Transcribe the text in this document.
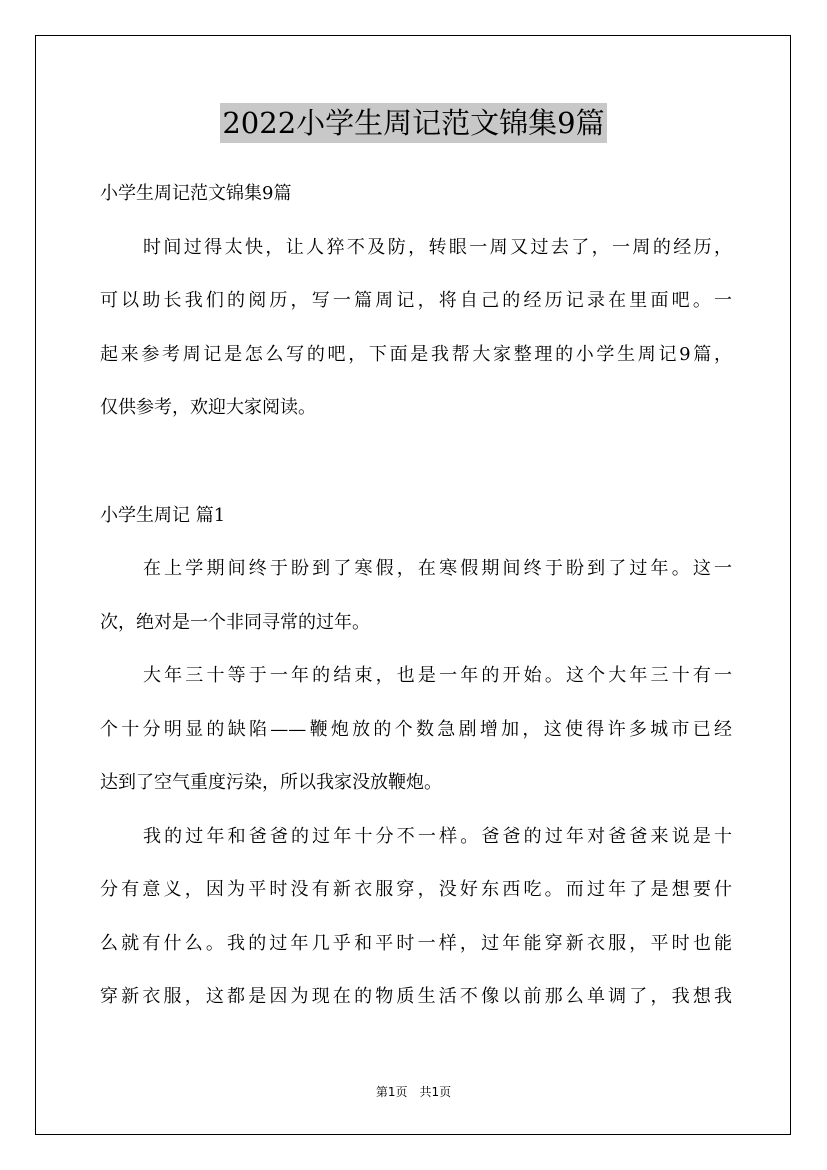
2022小学生周记范文锦集9篇
小学生周记范文锦集9篇
时间过得太快，让人猝不及防，转眼一周又过去了，一周的经历，
可以助长我们的阅历，写一篇周记，将自己的经历记录在里面吧。一
起来参考周记是怎么写的吧，下面是我帮大家整理的小学生周记9篇，
仅供参考，欢迎大家阅读。
小学生周记 篇1
在上学期间终于盼到了寒假，在寒假期间终于盼到了过年。这一
次，绝对是一个非同寻常的过年。
大年三十等于一年的结束，也是一年的开始。这个大年三十有一
个十分明显的缺陷——鞭炮放的个数急剧增加，这使得许多城市已经
达到了空气重度污染，所以我家没放鞭炮。
我的过年和爸爸的过年十分不一样。爸爸的过年对爸爸来说是十
分有意义，因为平时没有新衣服穿，没好东西吃。而过年了是想要什
么就有什么。我的过年几乎和平时一样，过年能穿新衣服，平时也能
穿新衣服，这都是因为现在的物质生活不像以前那么单调了，我想我
第1页 共1页
